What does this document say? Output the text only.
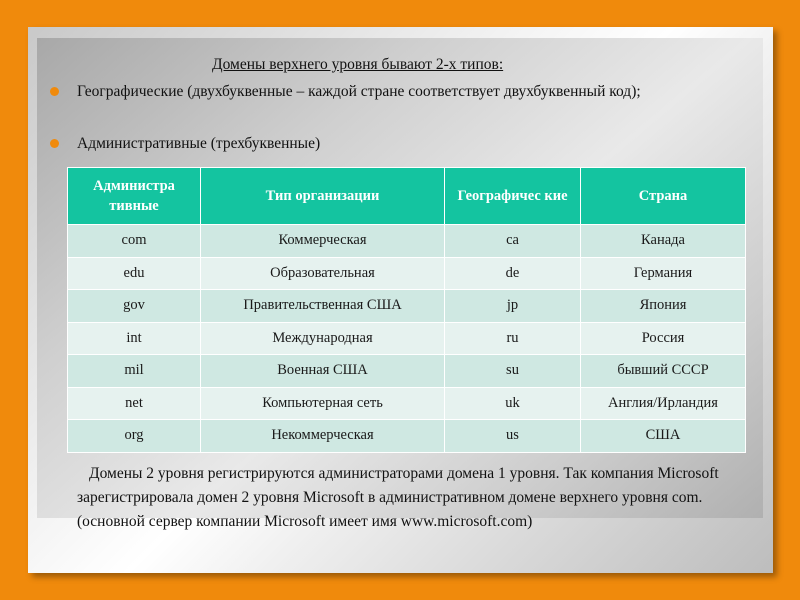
Домены верхнего уровня бывают 2-х типов:
Географические (двухбуквенные – каждой стране соответствует двухбуквенный код);
Административные (трехбуквенные)
Администра тивные	Тип организации	Географичес кие	Страна
com	Коммерческая	ca	Канада
edu	Образовательная	de	Германия
gov	Правительственная США	jp	Япония
int	Международная	ru	Россия
mil	Военная США	su	бывший СССР
net	Компьютерная сеть	uk	Англия/Ирландия
org	Некоммерческая	us	США
Домены 2 уровня регистрируются администраторами домена 1 уровня. Так компания Microsoft зарегистрировала домен 2 уровня Microsoft в административном домене верхнего уровня com. (основной сервер компании Microsoft имеет имя www.microsoft.com)
